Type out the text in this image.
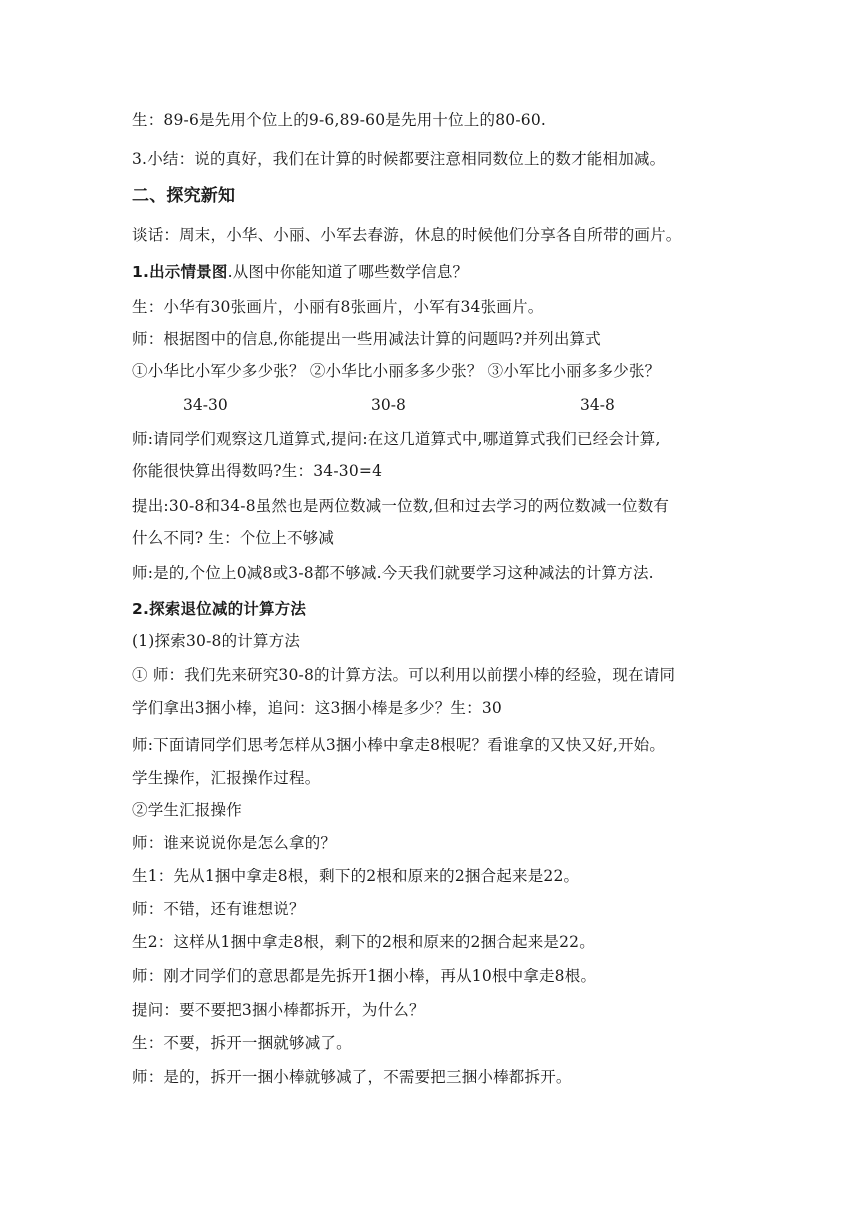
生：89-6是先用个位上的9-6,89-60是先用十位上的80-60.
3.小结：说的真好，我们在计算的时候都要注意相同数位上的数才能相加减。
二、探究新知
谈话：周末，小华、小丽、小军去春游，休息的时候他们分享各自所带的画片。
1.出示情景图.从图中你能知道了哪些数学信息？
生：小华有30张画片，小丽有8张画片，小军有34张画片。
师：根据图中的信息,你能提出一些用减法计算的问题吗?并列出算式
①小华比小军少多少张？ ②小华比小丽多多少张？ ③小军比小丽多多少张？
34-30	30-8	34-8
师:请同学们观察这几道算式,提问:在这几道算式中,哪道算式我们已经会计算,
你能很快算出得数吗?生：34-30=4
提出:30-8和34-8虽然也是两位数减一位数,但和过去学习的两位数减一位数有
什么不同? 生：个位上不够减
师:是的,个位上0减8或3-8都不够减.今天我们就要学习这种减法的计算方法.
2.探索退位减的计算方法
(1)探索30-8的计算方法
① 师：我们先来研究30-8的计算方法。可以利用以前摆小棒的经验，现在请同
学们拿出3捆小棒，追问：这3捆小棒是多少？生：30
师:下面请同学们思考怎样从3捆小棒中拿走8根呢？看谁拿的又快又好,开始。
学生操作，汇报操作过程。
②学生汇报操作
师：谁来说说你是怎么拿的？
生1：先从1捆中拿走8根，剩下的2根和原来的2捆合起来是22。
师：不错，还有谁想说？
生2：这样从1捆中拿走8根，剩下的2根和原来的2捆合起来是22。
师：刚才同学们的意思都是先拆开1捆小棒，再从10根中拿走8根。
提问：要不要把3捆小棒都拆开，为什么？
生：不要，拆开一捆就够减了。
师：是的，拆开一捆小棒就够减了，不需要把三捆小棒都拆开。
